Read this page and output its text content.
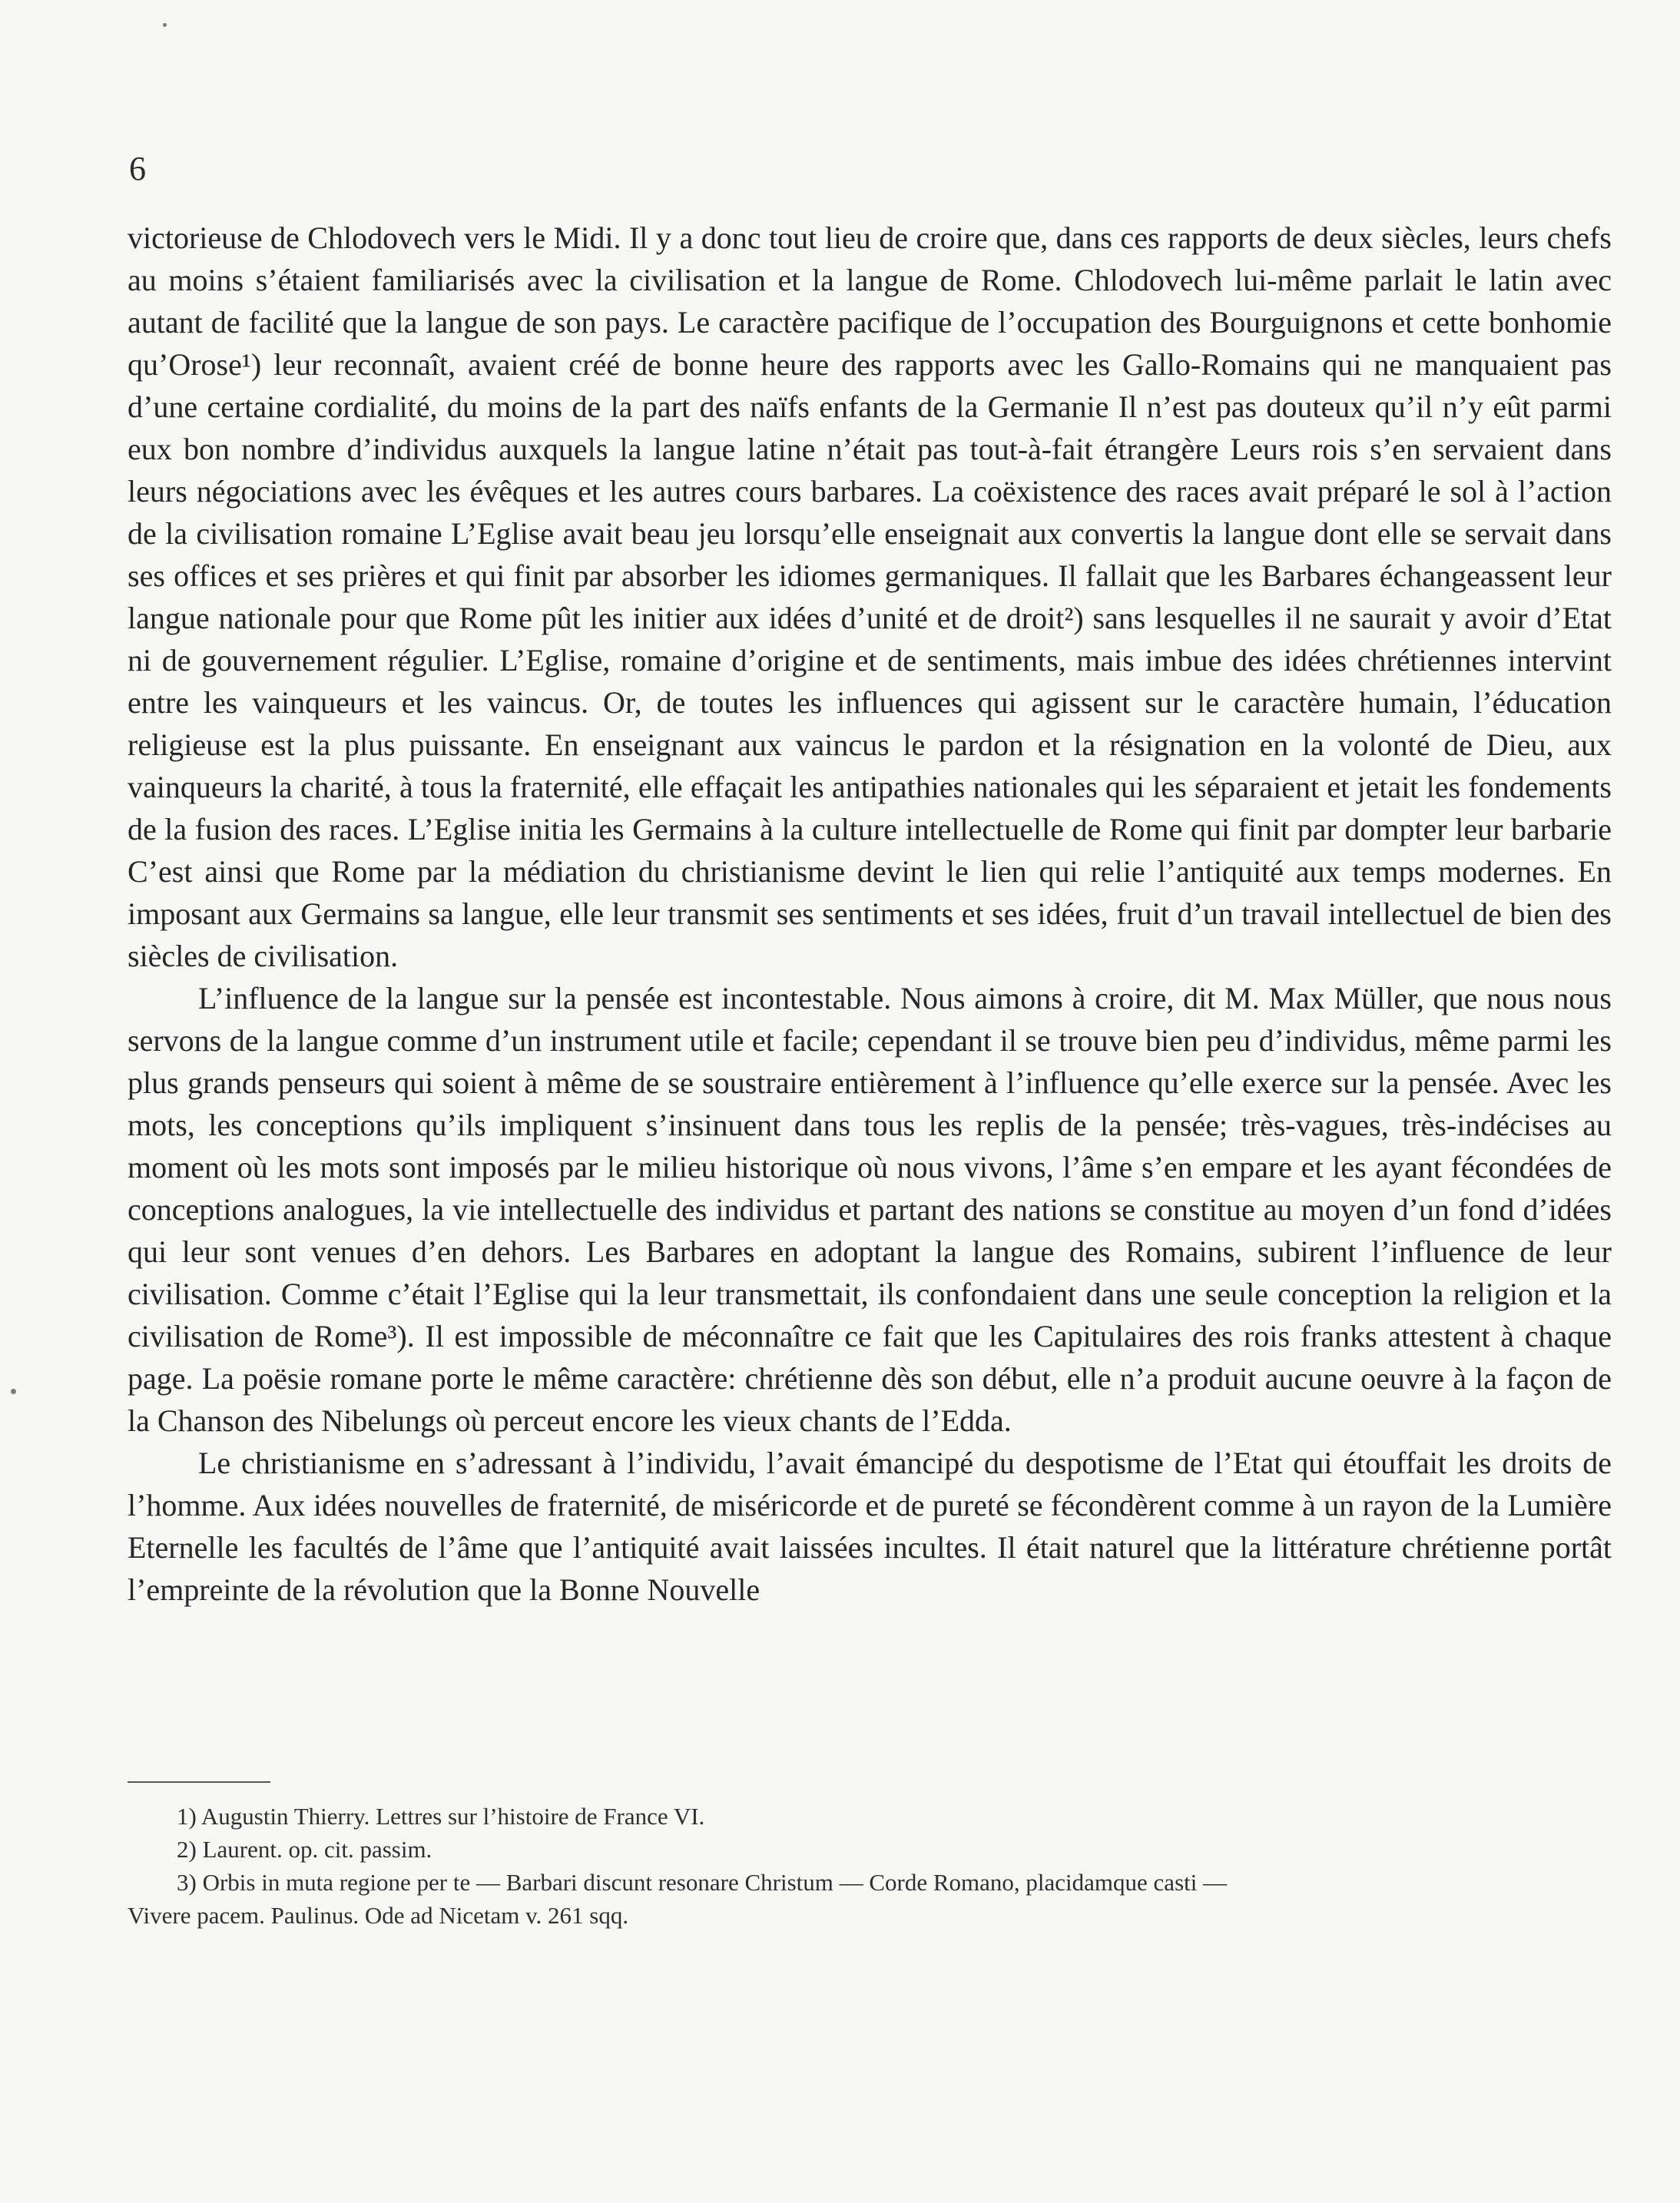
6

victorieuse de Chlodovech vers le Midi. Il y a donc tout lieu de croire que, dans ces rapports de deux siècles, leurs chefs au moins s’étaient familiarisés avec la civilisation et la langue de Rome. Chlodovech lui-même parlait le latin avec autant de facilité que la langue de son pays. Le caractère pacifique de l’occupation des Bourguignons et cette bonhomie qu’Orose¹) leur reconnaît, avaient créé de bonne heure des rapports avec les Gallo-Romains qui ne manquaient pas d’une certaine cordialité, du moins de la part des naïfs enfants de la Germanie Il n’est pas douteux qu’il n’y eût parmi eux bon nombre d’individus auxquels la langue latine n’était pas tout-à-fait étrangère Leurs rois s’en servaient dans leurs négociations avec les évêques et les autres cours barbares. La coëxistence des races avait préparé le sol à l’action de la civilisation romaine L’Eglise avait beau jeu lorsqu’elle enseignait aux convertis la langue dont elle se servait dans ses offices et ses prières et qui finit par absorber les idiomes germaniques. Il fallait que les Barbares échangeassent leur langue nationale pour que Rome pût les initier aux idées d’unité et de droit²) sans lesquelles il ne saurait y avoir d’Etat ni de gouvernement régulier. L’Eglise, romaine d’origine et de sentiments, mais imbue des idées chrétiennes intervint entre les vainqueurs et les vaincus. Or, de toutes les influences qui agissent sur le caractère humain, l’éducation religieuse est la plus puissante. En enseignant aux vaincus le pardon et la résignation en la volonté de Dieu, aux vainqueurs la charité, à tous la fraternité, elle effaçait les antipathies nationales qui les séparaient et jetait les fondements de la fusion des races. L’Eglise initia les Germains à la culture intellectuelle de Rome qui finit par dompter leur barbarie C’est ainsi que Rome par la médiation du christianisme devint le lien qui relie l’antiquité aux temps modernes. En imposant aux Germains sa langue, elle leur transmit ses sentiments et ses idées, fruit d’un travail intellectuel de bien des siècles de civilisation.

L’influence de la langue sur la pensée est incontestable. Nous aimons à croire, dit M. Max Müller, que nous nous servons de la langue comme d’un instrument utile et facile; cependant il se trouve bien peu d’individus, même parmi les plus grands penseurs qui soient à même de se soustraire entièrement à l’influence qu’elle exerce sur la pensée. Avec les mots, les conceptions qu’ils impliquent s’insinuent dans tous les replis de la pensée; très-vagues, très-indécises au moment où les mots sont imposés par le milieu historique où nous vivons, l’âme s’en empare et les ayant fécondées de conceptions analogues, la vie intellectuelle des individus et partant des nations se constitue au moyen d’un fond d’idées qui leur sont venues d’en dehors. Les Barbares en adoptant la langue des Romains, subirent l’influence de leur civilisation. Comme c’était l’Eglise qui la leur transmettait, ils confondaient dans une seule conception la religion et la civilisation de Rome³). Il est impossible de méconnaître ce fait que les Capitulaires des rois franks attestent à chaque page. La poësie romane porte le même caractère: chrétienne dès son début, elle n’a produit aucune oeuvre à la façon de la Chanson des Nibelungs où perceut encore les vieux chants de l’Edda.

Le christianisme en s’adressant à l’individu, l’avait émancipé du despotisme de l’Etat qui étouffait les droits de l’homme. Aux idées nouvelles de fraternité, de miséricorde et de pureté se fécondèrent comme à un rayon de la Lumière Eternelle les facultés de l’âme que l’antiquité avait laissées incultes. Il était naturel que la littérature chrétienne portât l’empreinte de la révolution que la Bonne Nouvelle

1) Augustin Thierry. Lettres sur l’histoire de France VI.

2) Laurent. op. cit. passim.

3) Orbis in muta regione per te — Barbari discunt resonare Christum — Corde Romano, placidamque casti —

Vivere pacem. Paulinus. Ode ad Nicetam v. 261 sqq.
